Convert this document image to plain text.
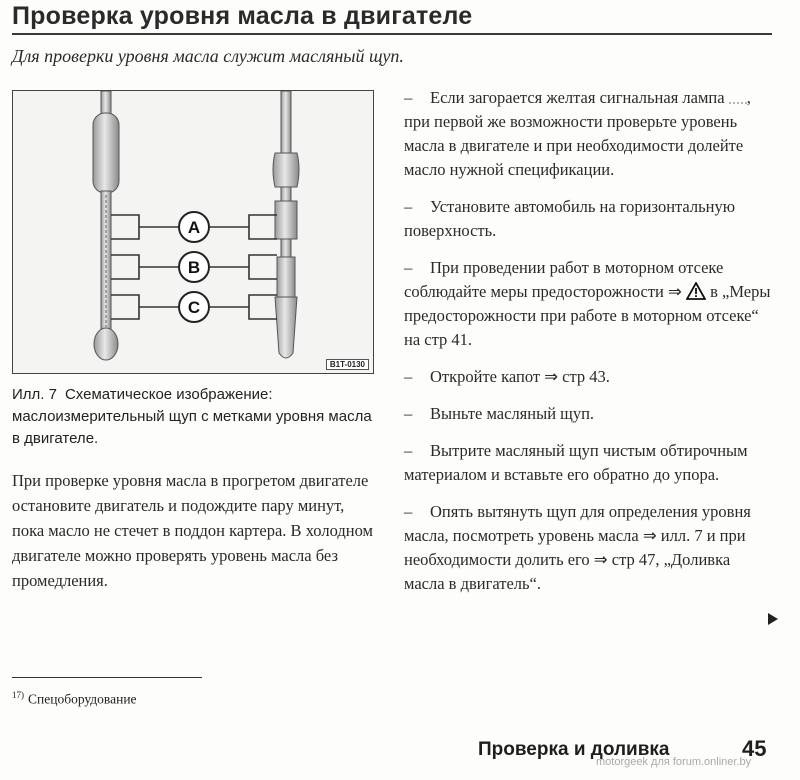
Проверка уровня масла в двигателе

Для проверки уровня масла служит масляный щуп.

A
B
C
B1T-0130

Илл. 7 Схематическое изображение: маслоизмерительный щуп с метками уровня масла в двигателе.

При проверке уровня масла в прогретом двигателе остановите двигатель и подождите пару минут, пока масло не стечет в поддон картера. В холодном двигателе можно проверять уровень масла без промедления.

– Если загорается желтая сигнальная лампа , при первой же возможности проверьте уровень масла в двигателе и при необходимости долейте масло нужной спецификации.
– Установите автомобиль на горизонтальную поверхность.
– При проведении работ в моторном отсеке соблюдайте меры предосторожности ⇒ в „Меры предосторожности при работе в моторном отсеке“ на стр 41.
– Откройте капот ⇒ стр 43.
– Выньте масляный щуп.
– Вытрите масляный щуп чистым обтирочным материалом и вставьте его обратно до упора.
– Опять вытянуть щуп для определения уровня масла, посмотреть уровень масла ⇒ илл. 7 и при необходимости долить его ⇒ стр 47, „Доливка масла в двигатель“.

$^{17)}$ Спецоборудование

Проверка и доливка	45

motorgeek для forum.onliner.by
